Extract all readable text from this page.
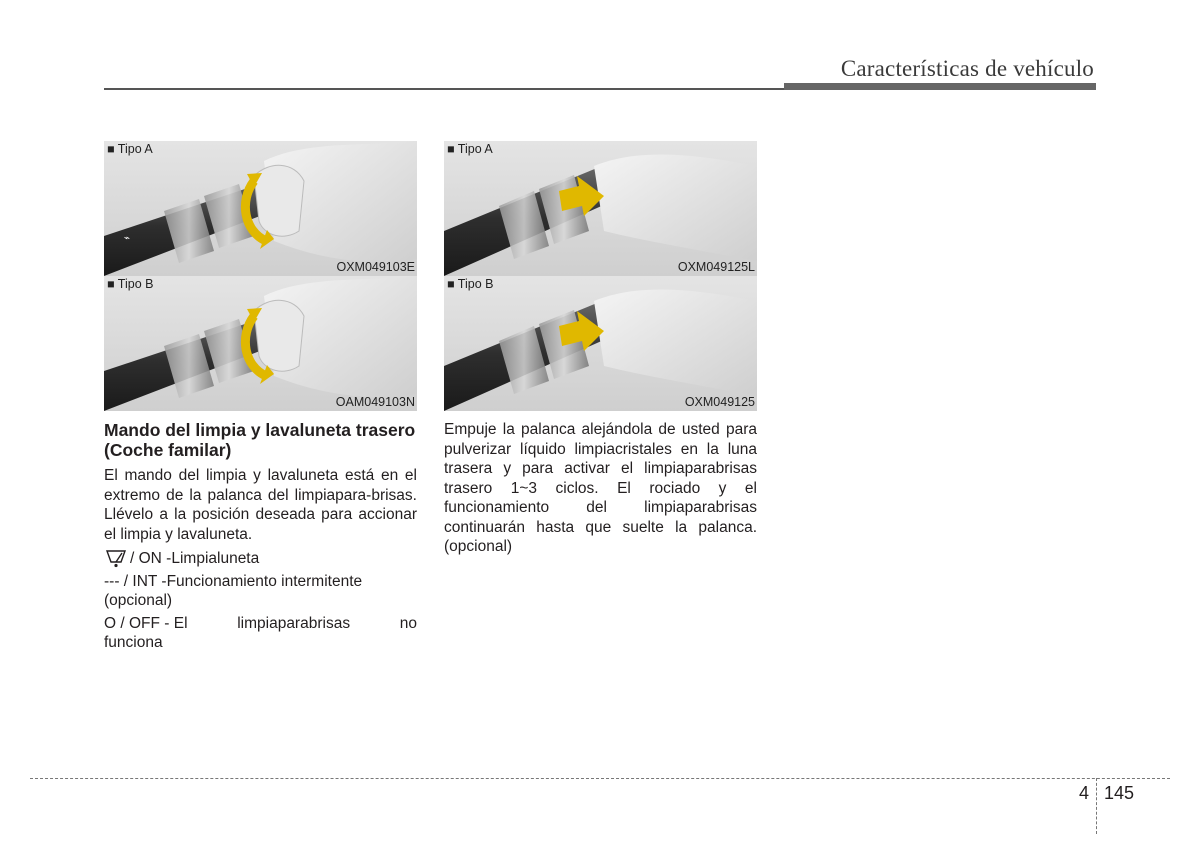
Características de vehículo
⌁
■ Tipo A
OXM049103E
■ Tipo B
OAM049103N
■ Tipo A
OXM049125L
■ Tipo B
OXM049125
Mando del limpia y lavaluneta trasero (Coche familar)

El mando del limpia y lavaluneta está en el extremo de la palanca del limpiapara-brisas. Llévelo a la posición deseada para accionar el limpia y lavaluneta.

/ ON - Limpialuneta
--- / INT - Funcionamiento intermitente
(opcional)
O / OFF - El limpiaparabrisas no
funciona

Empuje la palanca alejándola de usted para pulverizar líquido limpiacristales en la luna trasera y para activar el limpiaparabrisas trasero 1~3 ciclos. El rociado y el funcionamiento del limpiaparabrisas continuarán hasta que suelte la palanca. (opcional)

4 145
